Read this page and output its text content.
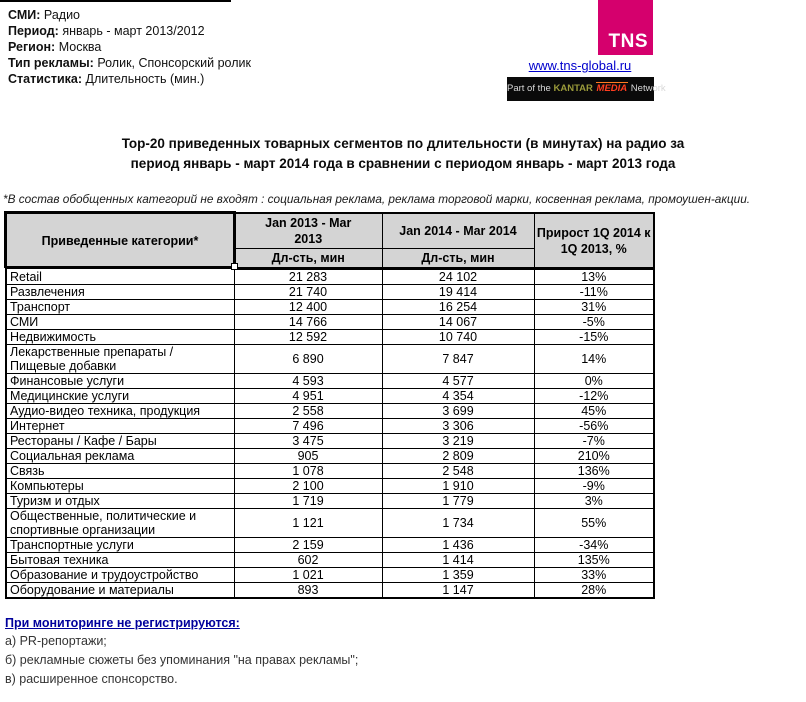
СМИ: Радио
Период: январь - март 2013/2012
Регион: Москва
Тип рекламы: Ролик, Спонсорский ролик
Статистика: Длительность (мин.)
TNS
www.tns-global.ru
Part of the KANTAR MEDIA Network
Top-20 приведенных товарных сегментов по длительности (в минутах) на радио за
период январь - март 2014 года в сравнении с периодом январь - март 2013 года
*В состав обобщенных категорий не входят : социальная реклама, реклама торговой марки, косвенная реклама, промоушен-акции.
Приведенные категории*	Jan 2013 - Mar 2013	Jan 2014 - Mar 2014	Прирост 1Q 2014 к 1Q 2013, %
	Дл-сть, мин	Дл-сть, мин	
Retail	21 283	24 102	13%
Развлечения	21 740	19 414	-11%
Транспорт	12 400	16 254	31%
СМИ	14 766	14 067	-5%
Недвижимость	12 592	10 740	-15%
Лекарственные препараты / Пищевые добавки	6 890	7 847	14%
Финансовые услуги	4 593	4 577	0%
Медицинские услуги	4 951	4 354	-12%
Аудио-видео техника, продукция	2 558	3 699	45%
Интернет	7 496	3 306	-56%
Рестораны / Кафе / Бары	3 475	3 219	-7%
Социальная реклама	905	2 809	210%
Связь	1 078	2 548	136%
Компьютеры	2 100	1 910	-9%
Туризм и отдых	1 719	1 779	3%
Общественные, политические и спортивные организации	1 121	1 734	55%
Транспортные услуги	2 159	1 436	-34%
Бытовая техника	602	1 414	135%
Образование и трудоустройство	1 021	1 359	33%
Оборудование и материалы	893	1 147	28%
При мониторинге не регистрируются:
а) PR-репортажи;
б) рекламные сюжеты без упоминания "на правах рекламы";
в) расширенное спонсорство.
